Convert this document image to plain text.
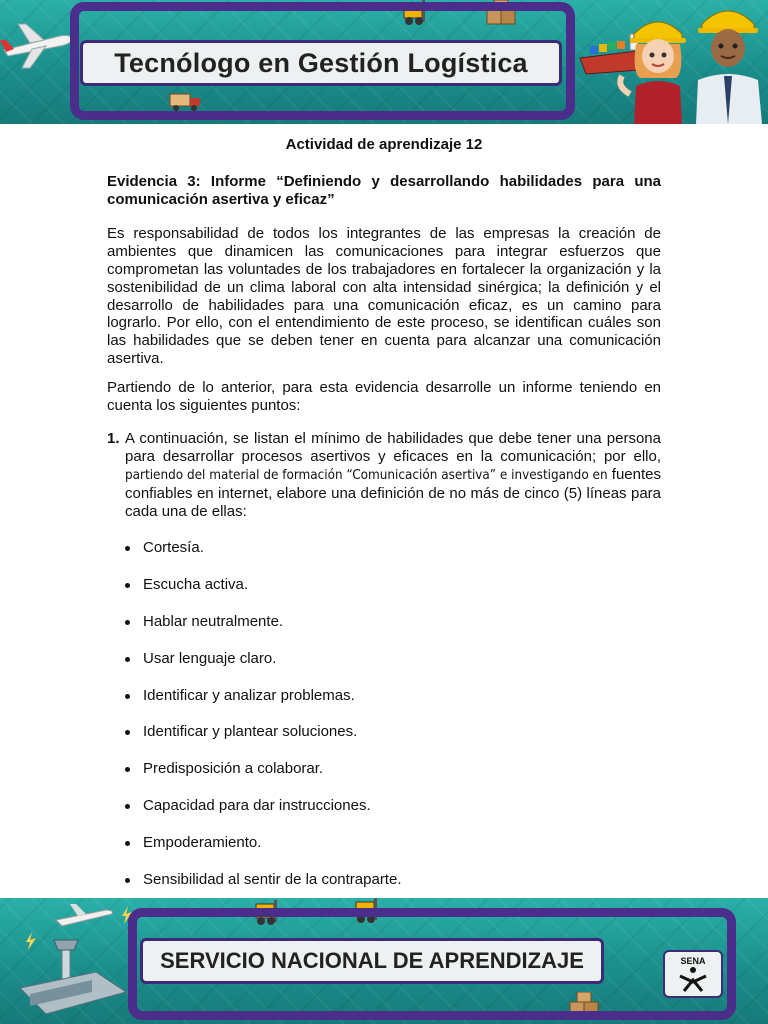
Tecnólogo en Gestión Logística
Actividad de aprendizaje 12
Evidencia 3: Informe “Definiendo y desarrollando habilidades para una comunicación asertiva y eficaz”

Es responsabilidad de todos los integrantes de las empresas la creación de ambientes que dinamicen las comunicaciones para integrar esfuerzos que comprometan las voluntades de los trabajadores en fortalecer la organización y la sostenibilidad de un clima laboral con alta intensidad sinérgica; la definición y el desarrollo de habilidades para una comunicación eficaz, es un camino para lograrlo. Por ello, con el entendimiento de este proceso, se identifican cuáles son las habilidades que se deben tener en cuenta para alcanzar una comunicación asertiva.

Partiendo de lo anterior, para esta evidencia desarrolle un informe teniendo en cuenta los siguientes puntos:

1. A continuación, se listan el mínimo de habilidades que debe tener una persona para desarrollar procesos asertivos y eficaces en la comunicación; por ello, partiendo del material de formación “Comunicación asertiva” e investigando en fuentes confiables en internet, elabore una definición de no más de cinco (5) líneas para cada una de ellas:
Cortesía.
Escucha activa.
Hablar neutralmente.
Usar lenguaje claro.
Identificar y analizar problemas.
Identificar y plantear soluciones.
Predisposición a colaborar.
Capacidad para dar instrucciones.
Empoderamiento.
Sensibilidad al sentir de la contraparte.
SERVICIO NACIONAL DE APRENDIZAJE	SENA
